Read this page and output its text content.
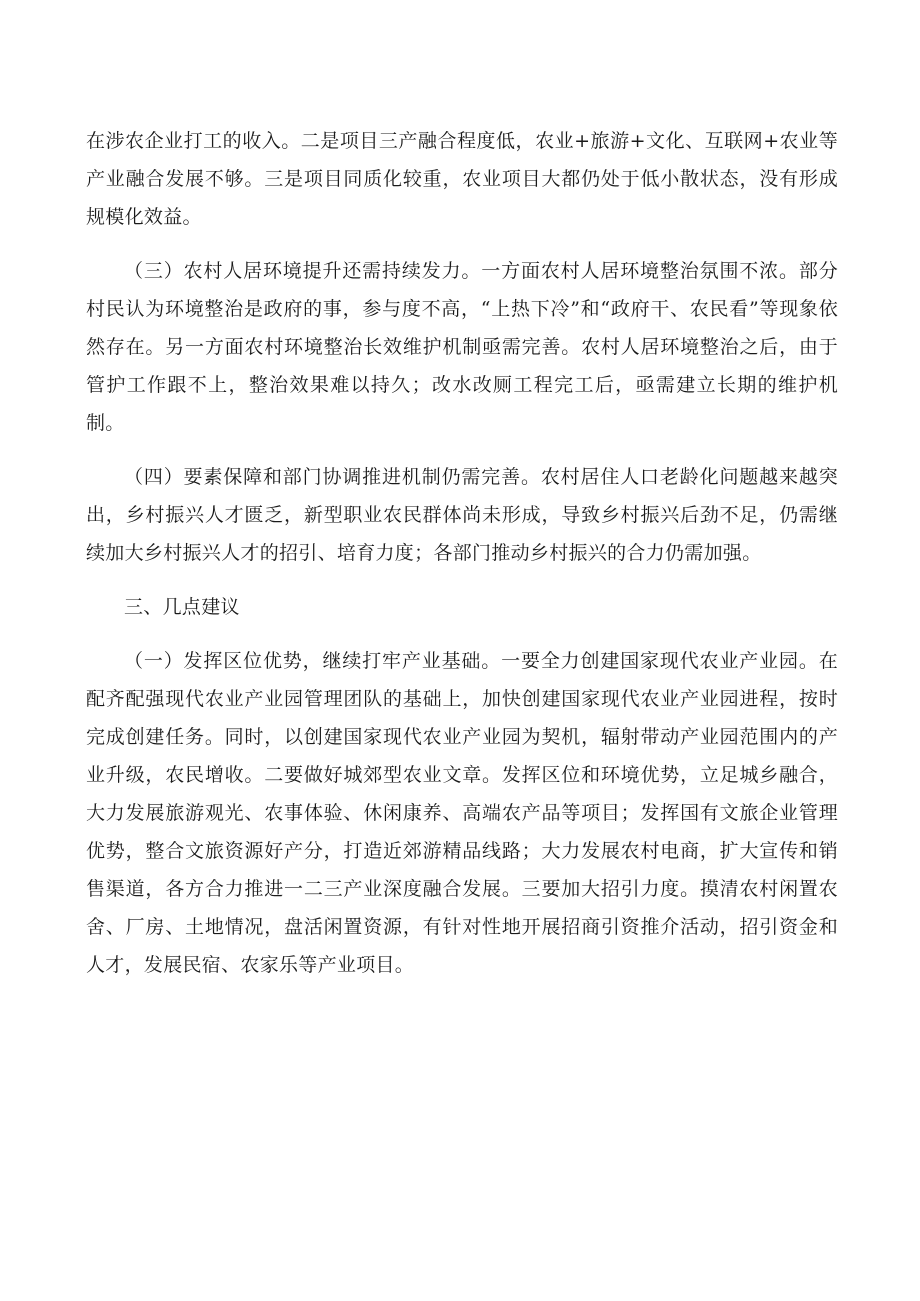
在涉农企业打工的收入。二是项目三产融合程度低，农业+旅游+文化、互联网+农业等产业融合发展不够。三是项目同质化较重，农业项目大都仍处于低小散状态，没有形成规模化效益。

（三）农村人居环境提升还需持续发力。一方面农村人居环境整治氛围不浓。部分村民认为环境整治是政府的事，参与度不高，“上热下冷”和“政府干、农民看”等现象依然存在。另一方面农村环境整治长效维护机制亟需完善。农村人居环境整治之后，由于管护工作跟不上，整治效果难以持久；改水改厕工程完工后，亟需建立长期的维护机制。

（四）要素保障和部门协调推进机制仍需完善。农村居住人口老龄化问题越来越突出，乡村振兴人才匮乏，新型职业农民群体尚未形成，导致乡村振兴后劲不足，仍需继续加大乡村振兴人才的招引、培育力度；各部门推动乡村振兴的合力仍需加强。

三、几点建议

（一）发挥区位优势，继续打牢产业基础。一要全力创建国家现代农业产业园。在配齐配强现代农业产业园管理团队的基础上，加快创建国家现代农业产业园进程，按时完成创建任务。同时，以创建国家现代农业产业园为契机，辐射带动产业园范围内的产业升级，农民增收。二要做好城郊型农业文章。发挥区位和环境优势，立足城乡融合，大力发展旅游观光、农事体验、休闲康养、高端农产品等项目；发挥国有文旅企业管理优势，整合文旅资源好产分，打造近郊游精品线路；大力发展农村电商，扩大宣传和销售渠道，各方合力推进一二三产业深度融合发展。三要加大招引力度。摸清农村闲置农舍、厂房、土地情况，盘活闲置资源，有针对性地开展招商引资推介活动，招引资金和人才，发展民宿、农家乐等产业项目。
